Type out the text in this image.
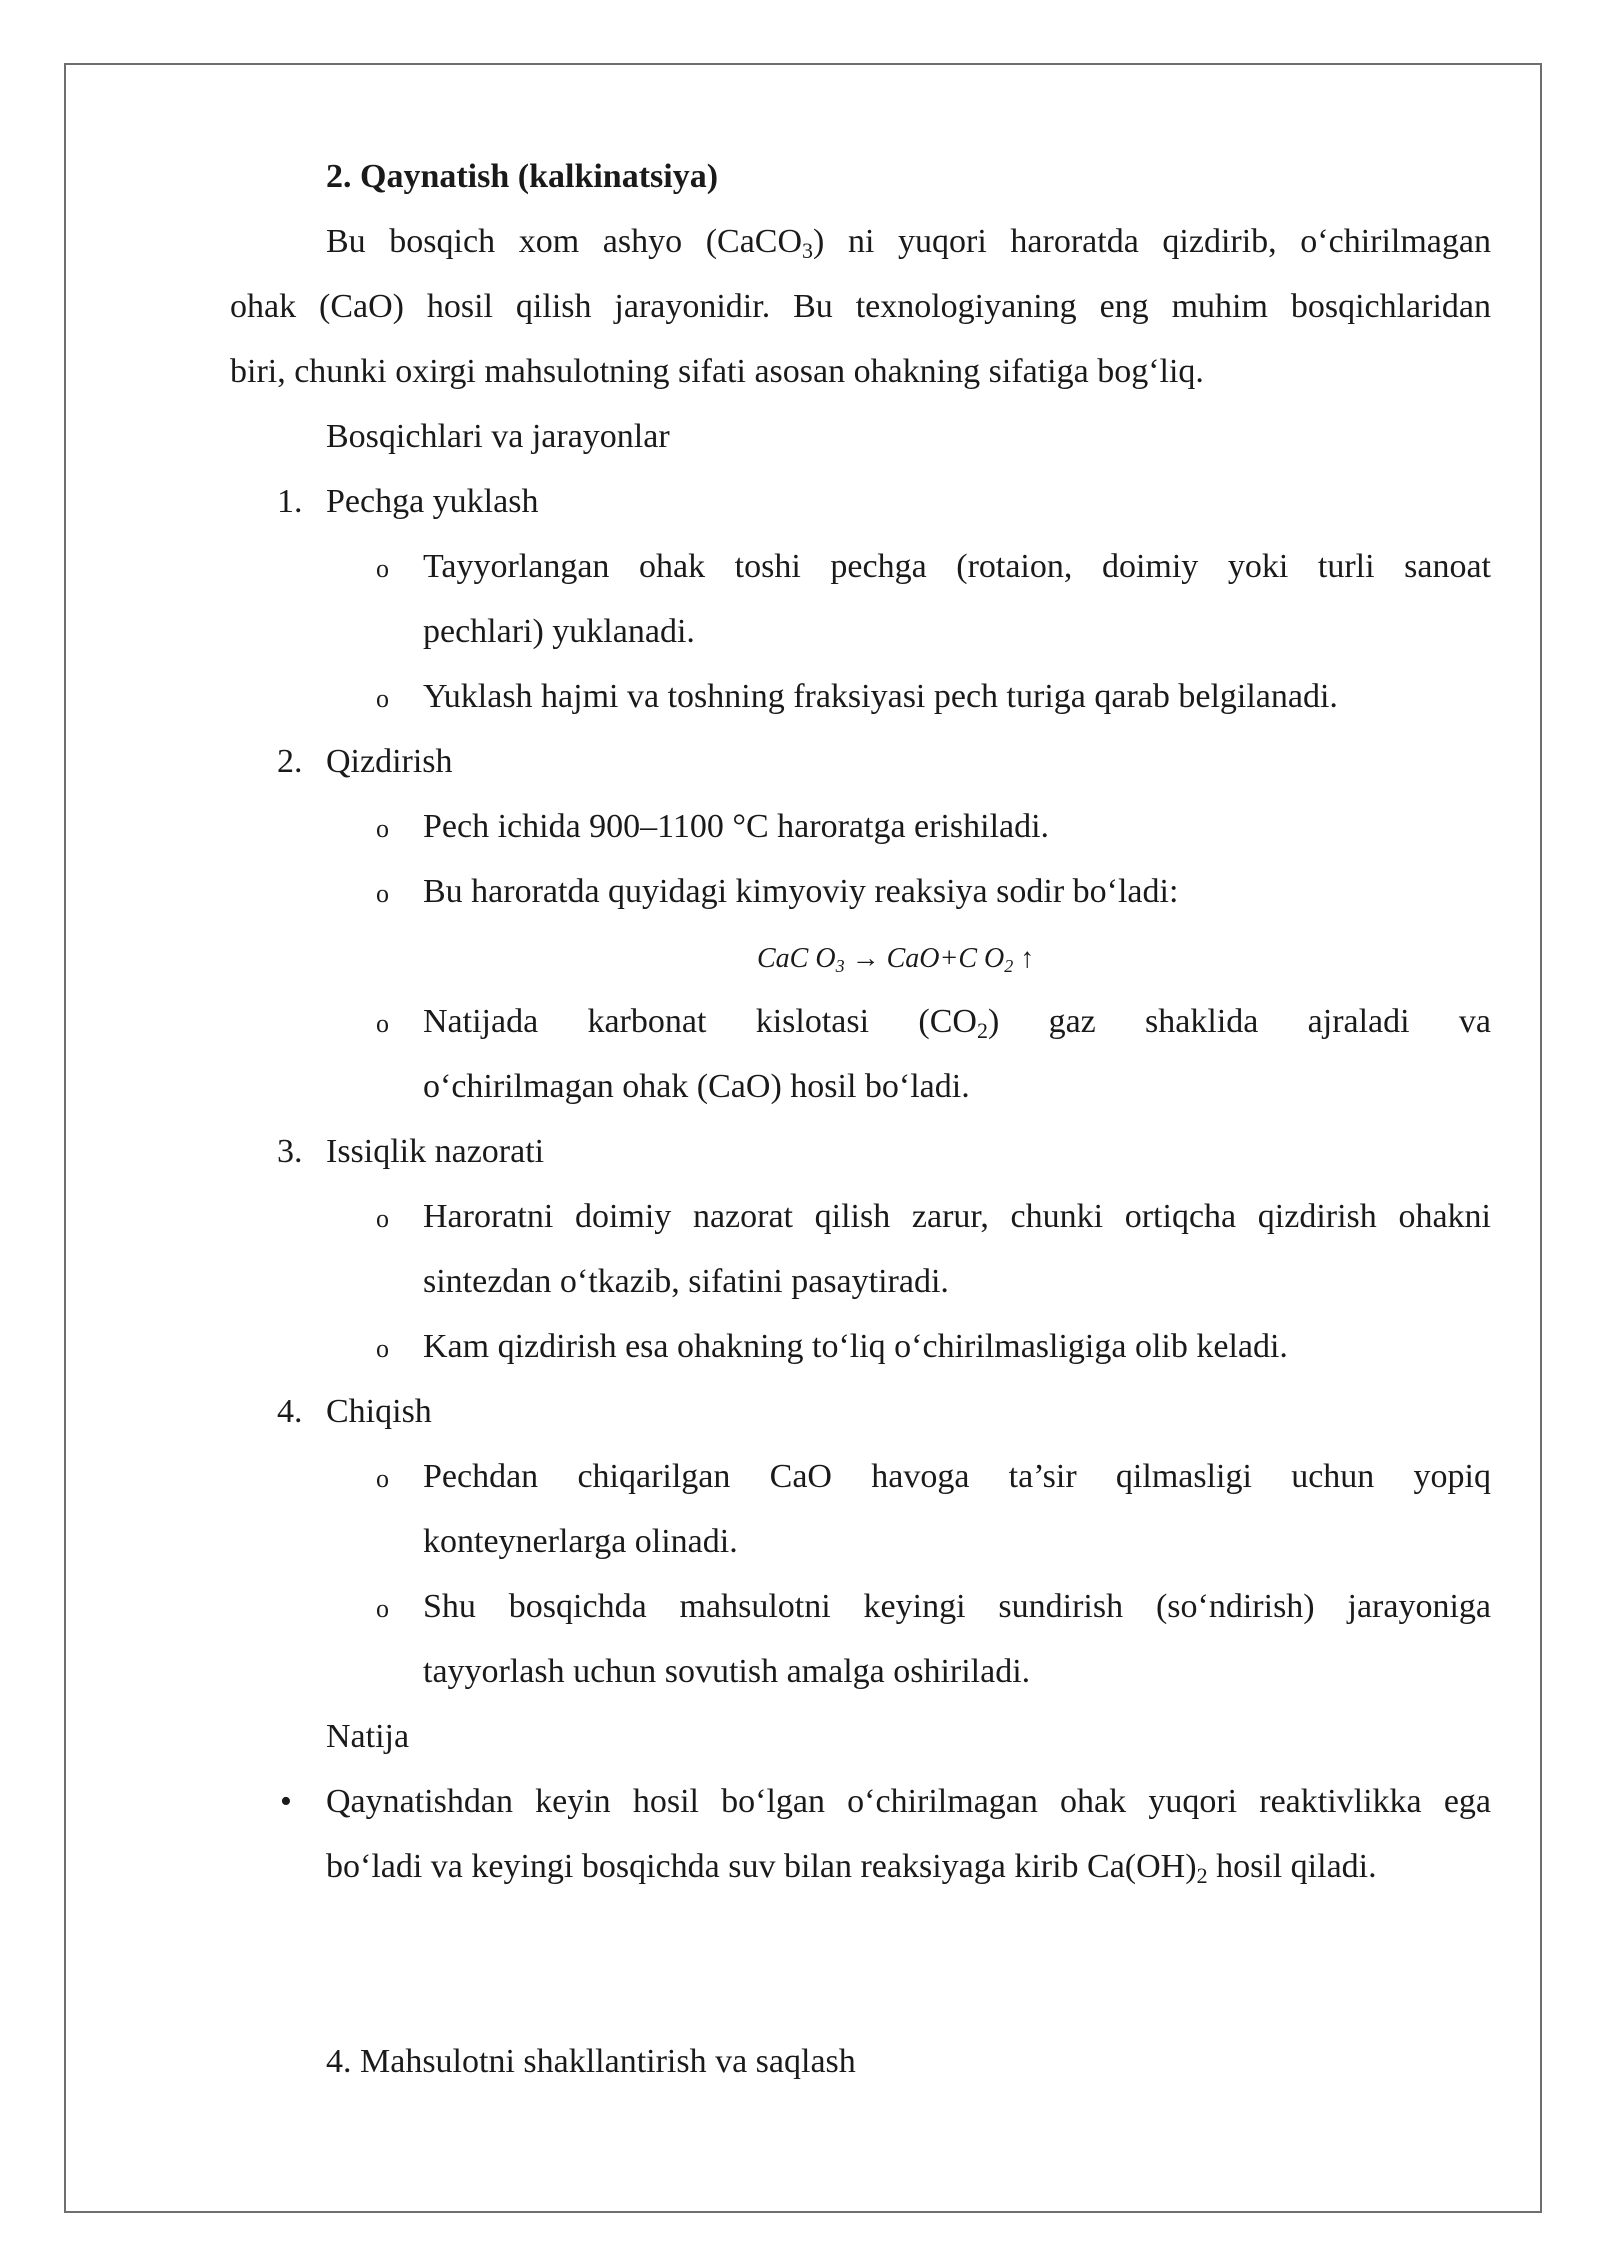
2. Qaynatish (kalkinatsiya)
Bu bosqich xom ashyo (CaCO$_3$) ni yuqori haroratda qizdirib, o‘chirilmagan
ohak (CaO) hosil qilish jarayonidir. Bu texnologiyaning eng muhim bosqichlaridan
biri, chunki oxirgi mahsulotning sifati asosan ohakning sifatiga bog‘liq.
Bosqichlari va jarayonlar
1. Pechga yuklash
o Tayyorlangan ohak toshi pechga (rotaion, doimiy yoki turli sanoat
pechlari) yuklanadi.
o Yuklash hajmi va toshning fraksiyasi pech turiga qarab belgilanadi.
2. Qizdirish
o Pech ichida 900–1100 °C haroratga erishiladi.
o Bu haroratda quyidagi kimyoviy reaksiya sodir bo‘ladi:
CaC $O_3 \to CaO+C$ $O_2$ ↑
o Natijada karbonat kislotasi $(CO_2)$ gaz shaklida ajraladi va
o‘chirilmagan ohak (CaO) hosil bo‘ladi.
3. Issiqlik nazorati
o Haroratni doimiy nazorat qilish zarur, chunki ortiqcha qizdirish ohakni
sintezdan o‘tkazib, sifatini pasaytiradi.
o Kam qizdirish esa ohakning to‘liq o‘chirilmasligiga olib keladi.
4. Chiqish
o Pechdan chiqarilgan CaO havoga ta’sir qilmasligi uchun yopiq
konteynerlarga olinadi.
o Shu bosqichda mahsulotni keyingi sundirish (so‘ndirish) jarayoniga
tayyorlash uchun sovutish amalga oshiriladi.
Natija
• Qaynatishdan keyin hosil bo‘lgan o‘chirilmagan ohak yuqori reaktivlikka ega
bo‘ladi va keyingi bosqichda suv bilan reaksiyaga kirib $Ca(OH)_2$ hosil qiladi.
4. Mahsulotni shakllantirish va saqlash
